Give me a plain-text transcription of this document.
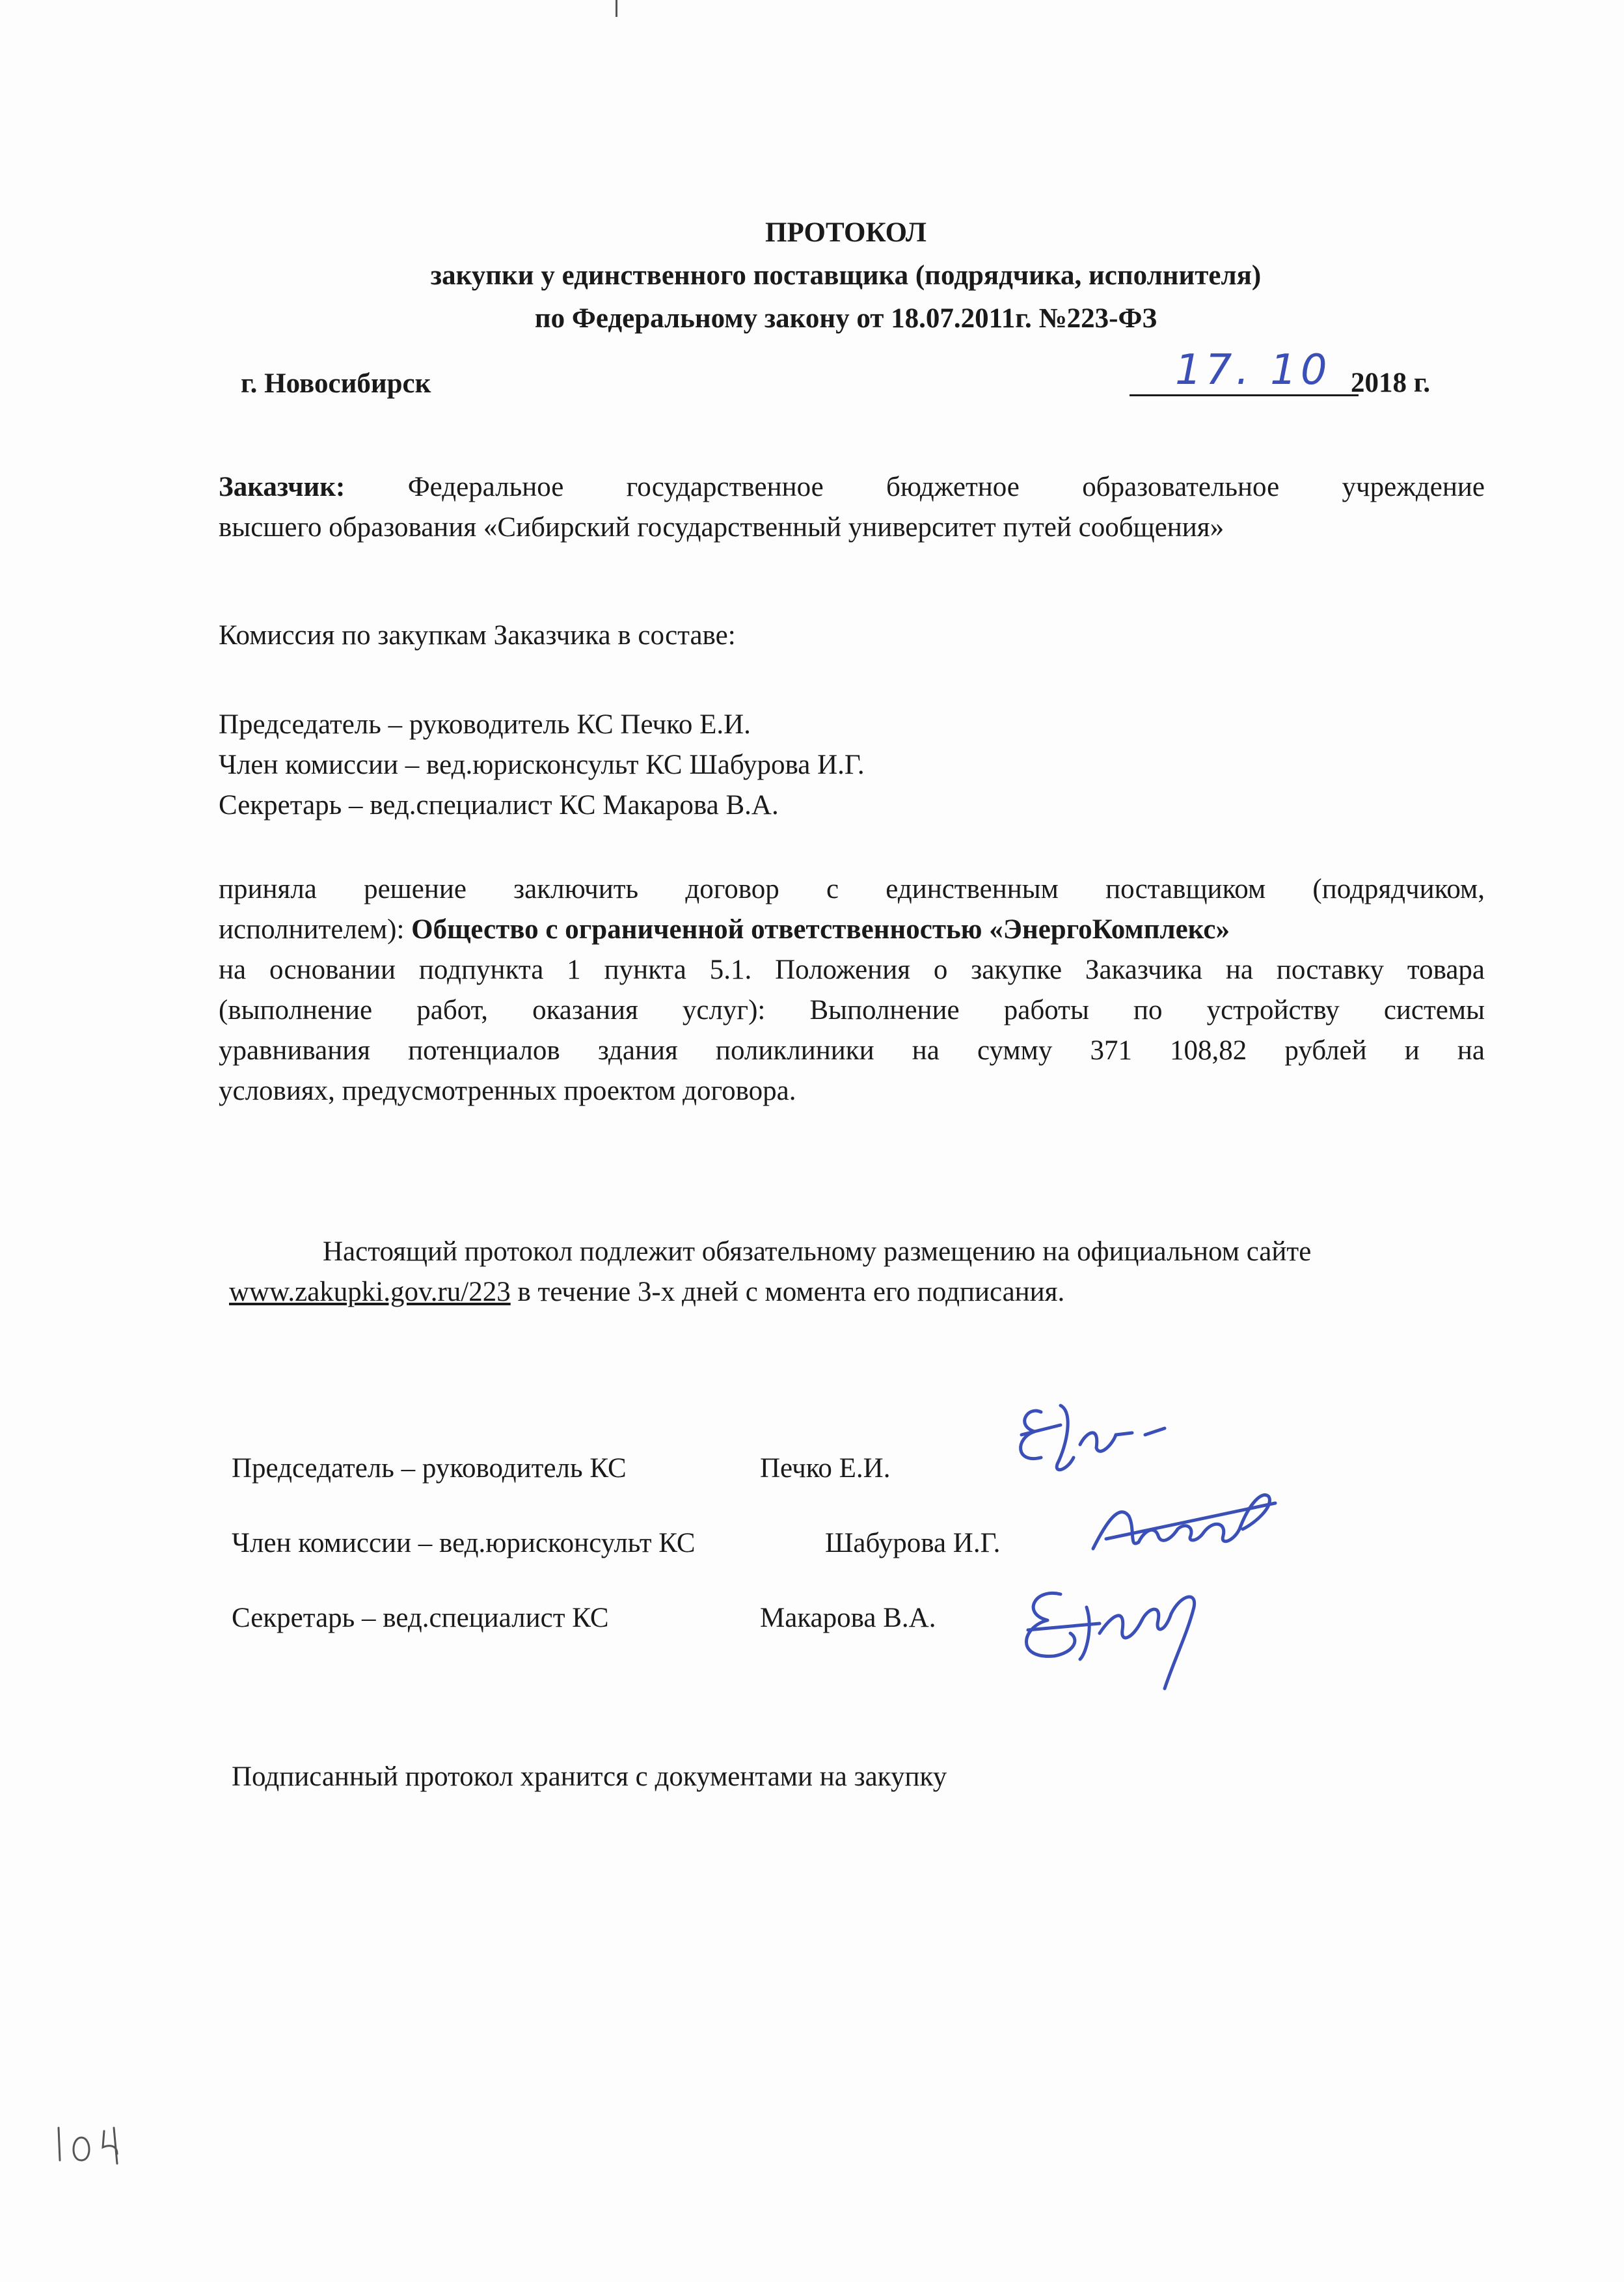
ПРОТОКОЛ
закупки у единственного поставщика (подрядчика, исполнителя)
по Федеральному закону от 18.07.2011г. №223-ФЗ
г. Новосибирск	17. 10 2018 г.
Заказчик: Федеральное государственное бюджетное образовательное учреждение
высшего образования «Сибирский государственный университет путей сообщения»
Комиссия по закупкам Заказчика в составе:
Председатель – руководитель КС Печко Е.И.
Член комиссии – вед.юрисконсульт КС Шабурова И.Г.
Секретарь – вед.специалист КС Макарова В.А.
приняла решение заключить договор с единственным поставщиком (подрядчиком,
исполнителем): Общество с ограниченной ответственностью «ЭнергоКомплекс»
на основании подпункта 1 пункта 5.1. Положения о закупке Заказчика на поставку товара
(выполнение работ, оказания услуг): Выполнение работы по устройству системы
уравнивания потенциалов здания поликлиники на сумму 371 108,82 рублей и на
условиях, предусмотренных проектом договора.
Настоящий протокол подлежит обязательному размещению на официальном сайте
www.zakupki.gov.ru/223 в течение 3-х дней с момента его подписания.
Председатель – руководитель КС	Печко Е.И.
Член комиссии – вед.юрисконсульт КС	Шабурова И.Г.
Секретарь – вед.специалист КС	Макарова В.А.
Подписанный протокол хранится с документами на закупку
